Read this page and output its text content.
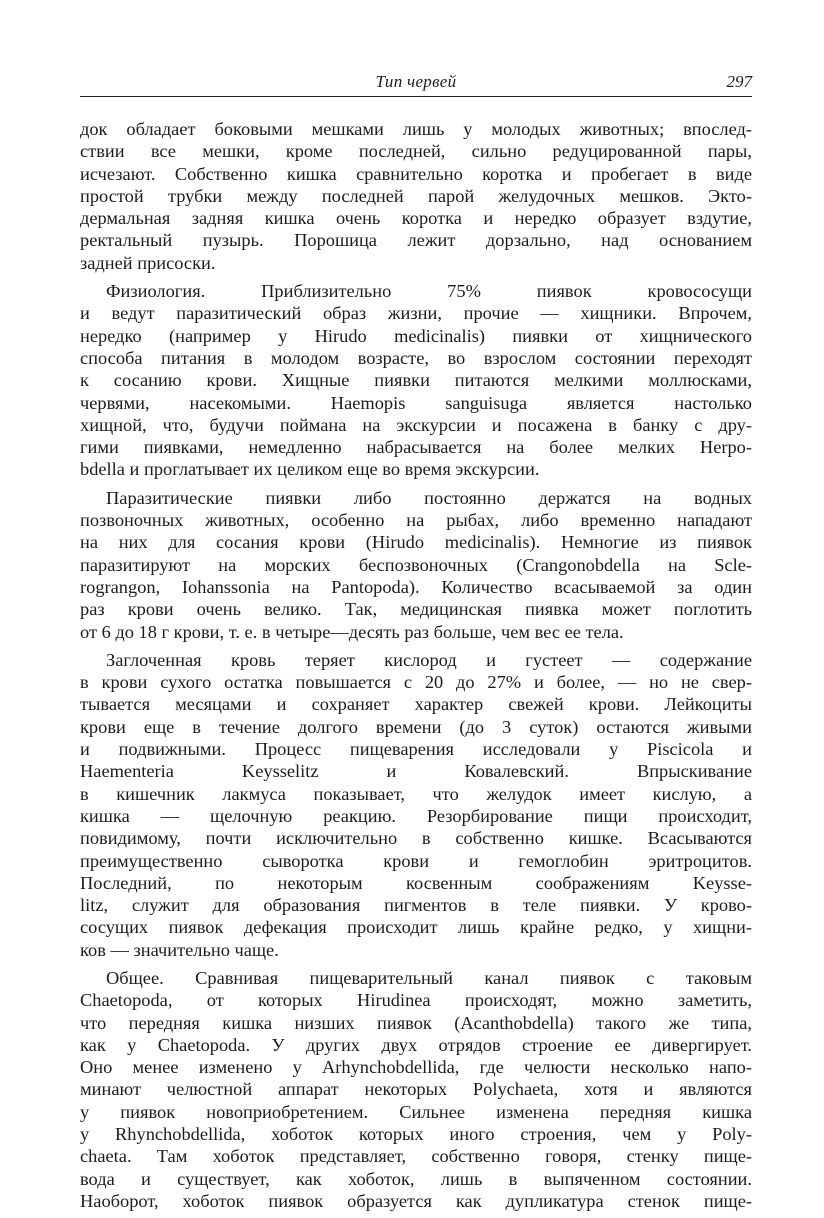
Тип червей	297
док обладает боковыми мешками лишь у молодых животных; впослед-
ствии все мешки, кроме последней, сильно редуцированной пары,
исчезают. Собственно кишка сравнительно коротка и пробегает в виде
простой трубки между последней парой желудочных мешков. Экто-
дермальная задняя кишка очень коротка и нередко образует вздутие,
ректальный пузырь. Порошица лежит дорзально, над основанием
задней присоски.
Физиология. Приблизительно 75% пиявок кровососущи
и ведут паразитический образ жизни, прочие — хищники. Впрочем,
нередко (например у Hirudo medicinalis) пиявки от хищнического
способа питания в молодом возрасте, во взрослом состоянии переходят
к сосанию крови. Хищные пиявки питаются мелкими моллюсками,
червями, насекомыми. Haemopis sanguisuga является настолько
хищной, что, будучи поймана на экскурсии и посажена в банку с дру-
гими пиявками, немедленно набрасывается на более мелких Herpo-
bdella и проглатывает их целиком еще во время экскурсии.
Паразитические пиявки либо постоянно держатся на водных
позвоночных животных, особенно на рыбах, либо временно нападают
на них для сосания крови (Hirudo medicinalis). Немногие из пиявок
паразитируют на морских беспозвоночных (Crangonobdella на Scle-
rograngon, Iohanssonia на Pantopoda). Количество всасываемой за один
раз крови очень велико. Так, медицинская пиявка может поглотить
от 6 до 18 г крови, т. е. в четыре—десять раз больше, чем вес ее тела.
Заглоченная кровь теряет кислород и густеет — содержание
в крови сухого остатка повышается с 20 до 27% и более, — но не свер-
тывается месяцами и сохраняет характер свежей крови. Лейкоциты
крови еще в течение долгого времени (до 3 суток) остаются живыми
и подвижными. Процесс пищеварения исследовали у Piscicola и
Haementeria Keysselitz и Ковалевский. Впрыскивание
в кишечник лакмуса показывает, что желудок имеет кислую, а
кишка — щелочную реакцию. Резорбирование пищи происходит,
повидимому, почти исключительно в собственно кишке. Всасываются
преимущественно сыворотка крови и гемоглобин эритроцитов.
Последний, по некоторым косвенным соображениям Keysse-
litz, служит для образования пигментов в теле пиявки. У крово-
сосущих пиявок дефекация происходит лишь крайне редко, у хищни-
ков — значительно чаще.
Общее. Сравнивая пищеварительный канал пиявок с таковым
Chaetopoda, от которых Hirudinea происходят, можно заметить,
что передняя кишка низших пиявок (Acanthobdella) такого же типа,
как у Chaetopoda. У других двух отрядов строение ее дивергирует.
Оно менее изменено у Arhynchobdellida, где челюсти несколько напо-
минают челюстной аппарат некоторых Polychaeta, хотя и являются
у пиявок новоприобретением. Сильнее изменена передняя кишка
у Rhynchobdellida, хоботок которых иного строения, чем у Poly-
chaeta. Там хоботок представляет, собственно говоря, стенку пище-
вода и существует, как хоботок, лишь в выпяченном состоянии.
Наоборот, хоботок пиявок образуется как дупликатура стенок пище-
